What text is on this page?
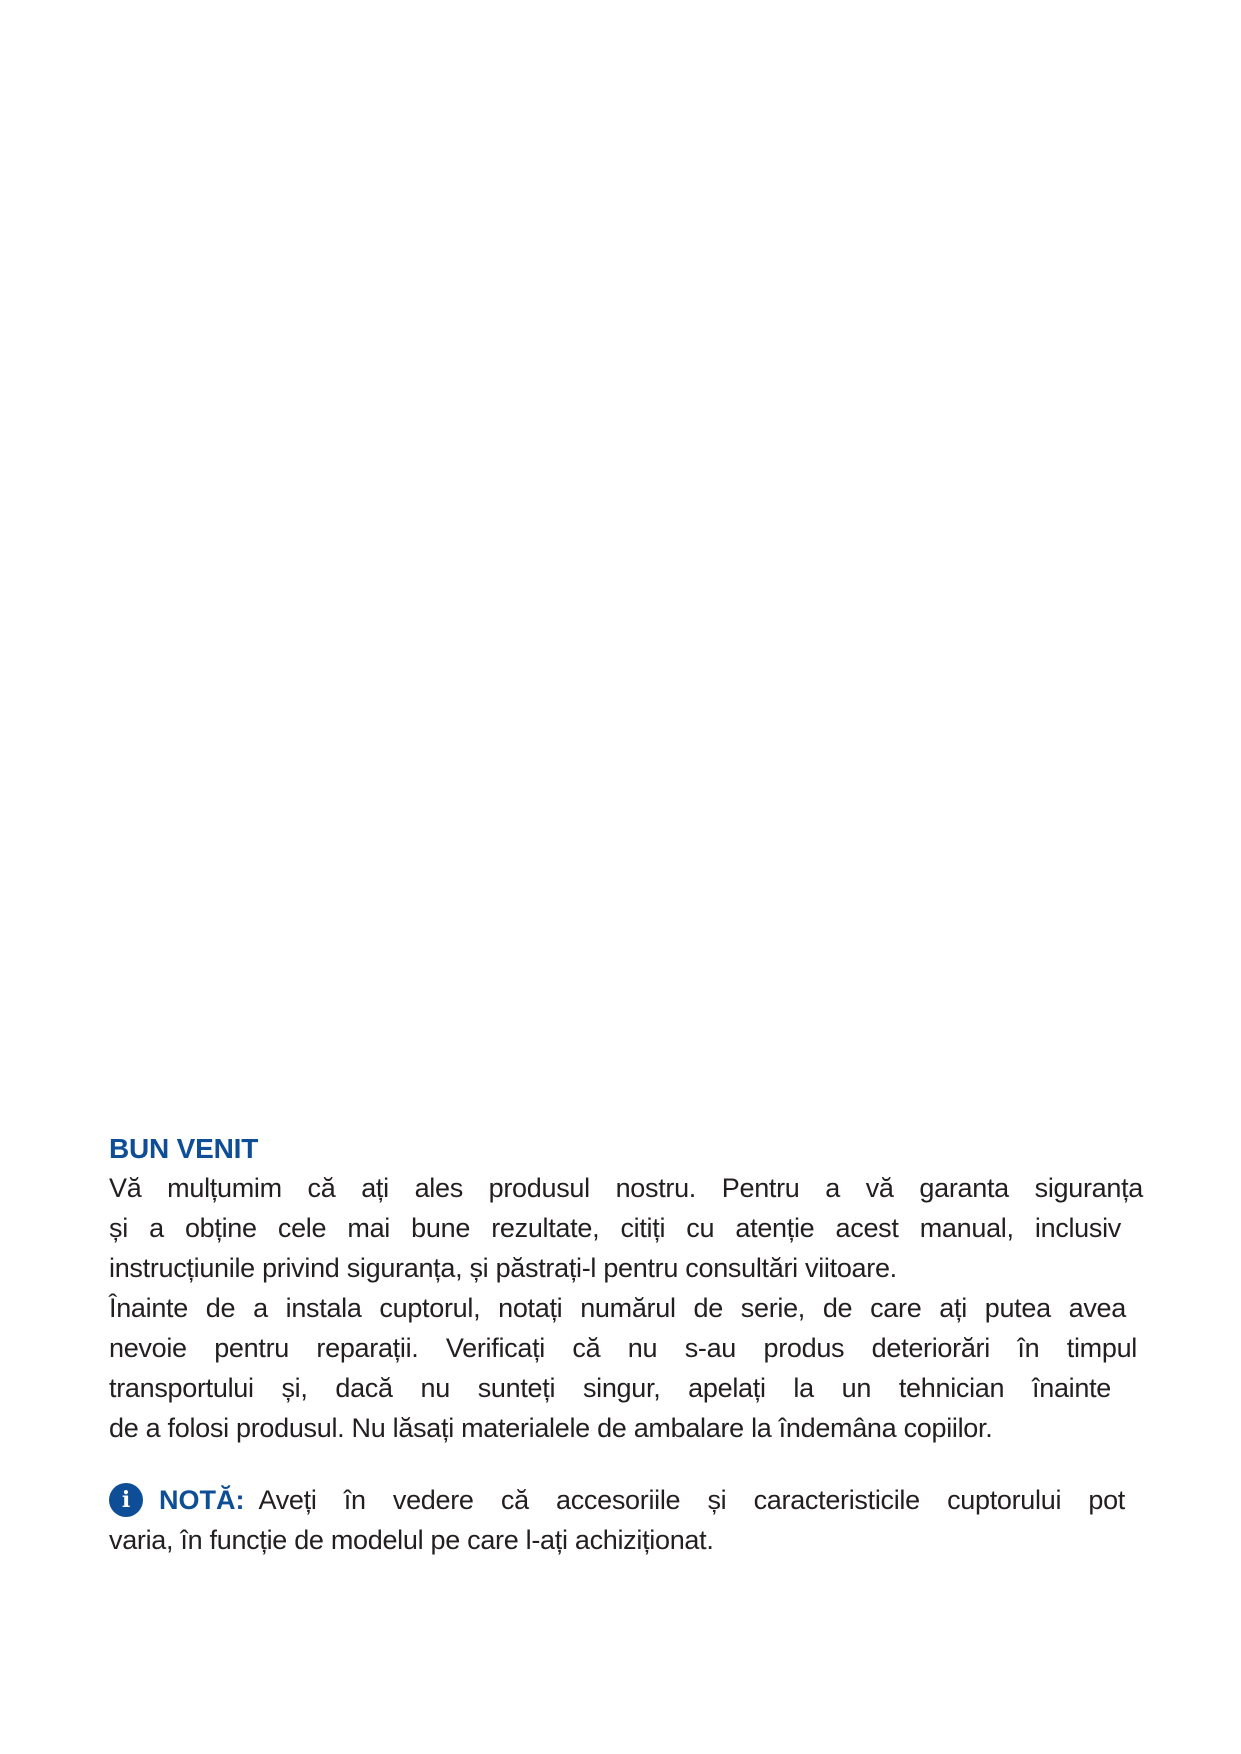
BUN VENIT
Vă mulțumim că ați ales produsul nostru. Pentru a vă garanta siguranța
și a obține cele mai bune rezultate, citiți cu atenție acest manual, inclusiv
instrucțiunile privind siguranța, și păstrați-l pentru consultări viitoare.
Înainte de a instala cuptorul, notați numărul de serie, de care ați putea avea
nevoie pentru reparații. Verificați că nu s-au produs deteriorări în timpul
transportului și, dacă nu sunteți singur, apelați la un tehnician înainte
de a folosi produsul. Nu lăsați materialele de ambalare la îndemâna copiilor.
i	NOTĂ: Aveți în vedere că accesoriile și caracteristicile cuptorului pot
varia, în funcție de modelul pe care l-ați achiziționat.
